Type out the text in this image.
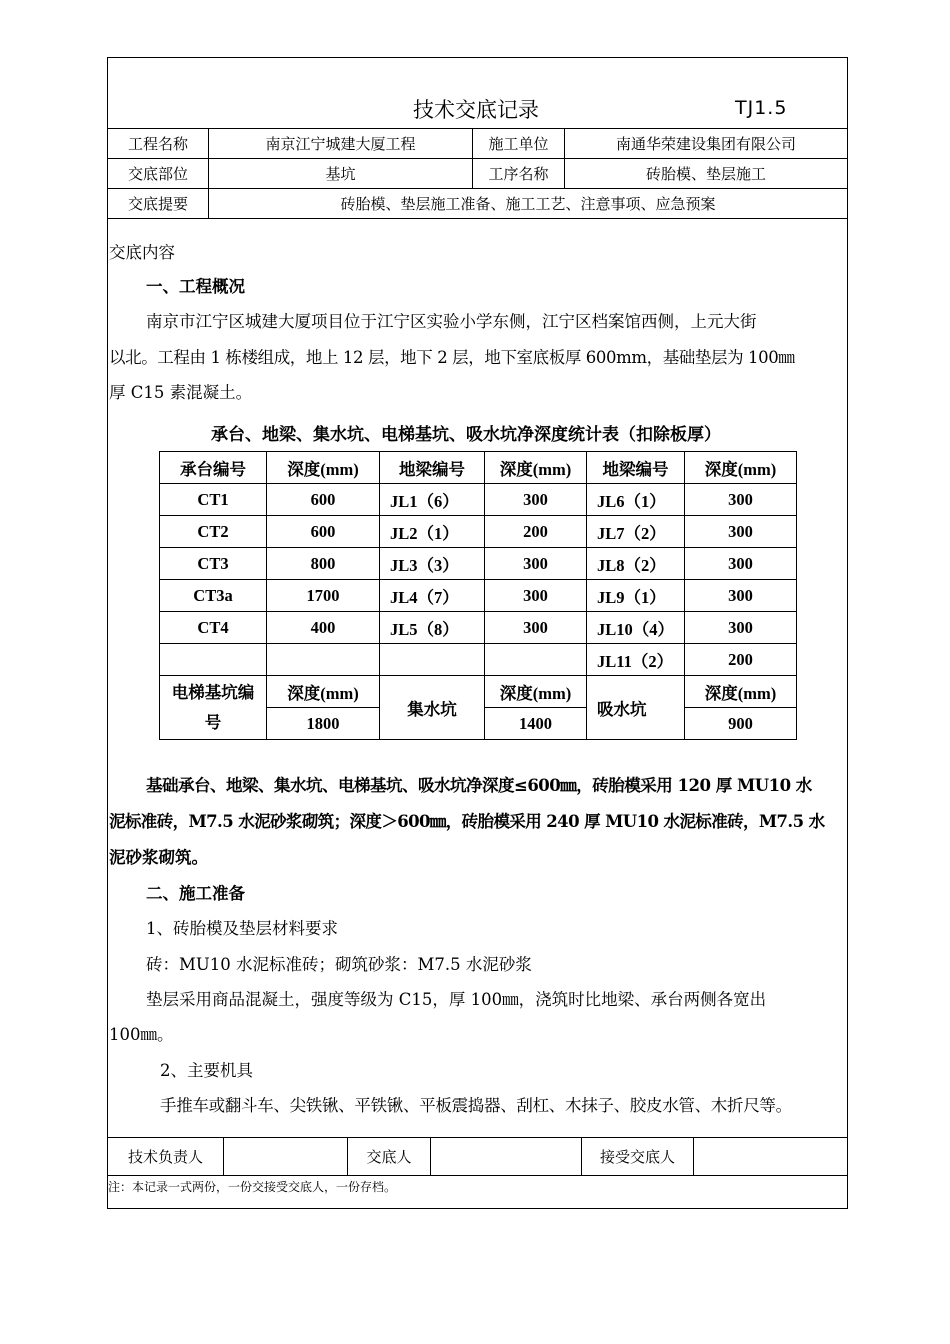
技术交底记录	TJ1.5
工程名称	南京江宁城建大厦工程	施工单位	南通华荣建设集团有限公司
交底部位	基坑	工序名称	砖胎模、垫层施工
交底提要	砖胎模、垫层施工准备、施工工艺、注意事项、应急预案		
交底内容
一、工程概况
南京市江宁区城建大厦项目位于江宁区实验小学东侧，江宁区档案馆西侧，上元大街
以北。工程由 1 栋楼组成，地上 12 层，地下 2 层，地下室底板厚 600mm，基础垫层为 100㎜
厚 C15 素混凝土。
承台、地梁、集水坑、电梯基坑、吸水坑净深度统计表（扣除板厚）
承台编号	深度(mm)	地梁编号	深度(mm)	地梁编号	深度(mm)
CT1	600	JL1（6）	300	JL6（1）	300
CT2	600	JL2（1）	200	JL7（2）	300
CT3	800	JL3（3）	300	JL8（2）	300
CT3a	1700	JL4（7）	300	JL9（1）	300
CT4	400	JL5（8）	300	JL10（4）	300
				JL11（2）	200
电梯基坑编号	深度(mm)	集水坑	深度(mm)	吸水坑	深度(mm)
	1800		1400		900
基础承台、地梁、集水坑、电梯基坑、吸水坑净深度≤600㎜，砖胎模采用 120 厚 MU10 水
泥标准砖，M7.5 水泥砂浆砌筑；深度＞600㎜，砖胎模采用 240 厚 MU10 水泥标准砖，M7.5 水
泥砂浆砌筑。
二、施工准备
1、砖胎模及垫层材料要求
砖：MU10 水泥标准砖；砌筑砂浆：M7.5 水泥砂浆
垫层采用商品混凝土，强度等级为 C15，厚 100㎜，浇筑时比地梁、承台两侧各宽出
100㎜。
2、主要机具
手推车或翻斗车、尖铁锹、平铁锹、平板震捣器、刮杠、木抹子、胶皮水管、木折尺等。
技术负责人		交底人		接受交底人	
注：本记录一式两份，一份交接受交底人，一份存档。
